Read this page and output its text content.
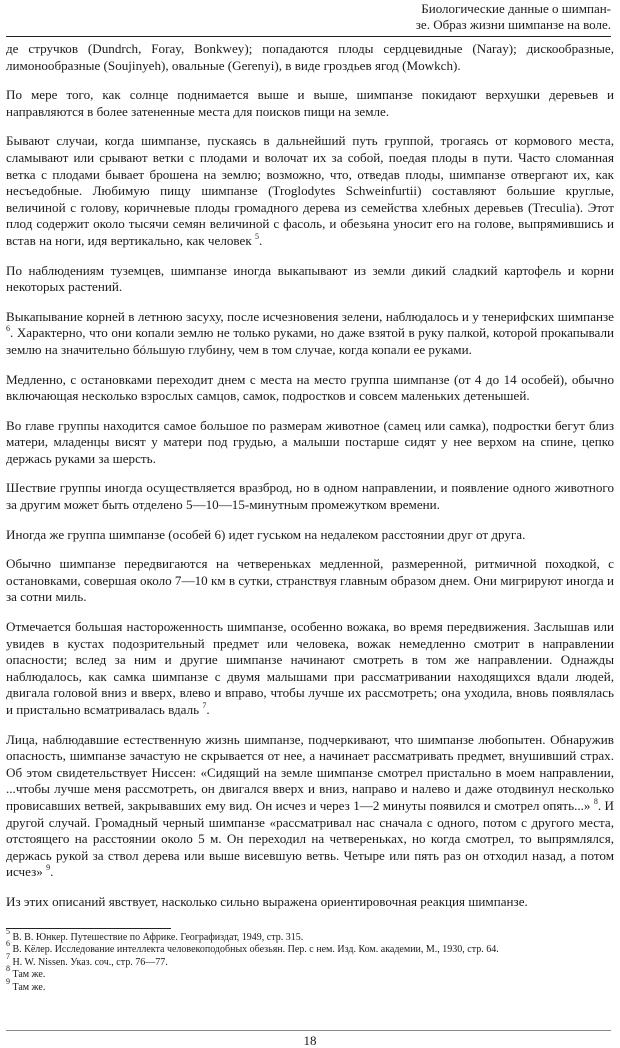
Биологические данные о шимпан-
зе. Образ жизни шимпанзе на воле.

де стручков (Dundrch, Foray, Bonkwey); попадаются плоды сердцевидные (Naray); дискообразные, лимонообразные (Soujinyeh), овальные (Gerenyi), в виде гроздьев ягод (Mowkch).

По мере того, как солнце поднимается выше и выше, шимпанзе покидают верхушки деревьев и направляются в более затененные места для поисков пищи на земле.

Бывают случаи, когда шимпанзе, пускаясь в дальнейший путь группой, трогаясь от кормового места, сламывают или срывают ветки с плодами и волочат их за собой, поедая плоды в пути. Часто сломанная ветка с плодами бывает брошена на землю; возможно, что, отведав плоды, шимпанзе отвергают их, как несъедобные. Любимую пищу шимпанзе (Troglodytes Schweinfurtii) составляют большие круглые, величиной с голову, коричневые плоды громадного дерева из семейства хлебных деревьев (Treculia). Этот плод содержит около тысячи семян величиной с фасоль, и обезьяна уносит его на голове, выпрямившись и встав на ноги, идя вертикально, как человек $^5$.

По наблюдениям туземцев, шимпанзе иногда выкапывают из земли дикий сладкий картофель и корни некоторых растений.

Выкапывание корней в летнюю засуху, после исчезновения зелени, наблюдалось и у тенерифских шимпанзе $^6$. Характерно, что они копали землю не только руками, но даже взятой в руку палкой, которой прокапывали землю на значительно бóльшую глубину, чем в том случае, когда копали ее руками.

Медленно, с остановками переходит днем с места на место группа шимпанзе (от 4 до 14 особей), обычно включающая несколько взрослых самцов, самок, подростков и совсем маленьких детенышей.

Во главе группы находится самое большое по размерам животное (самец или самка), подростки бегут близ матери, младенцы висят у матери под грудью, а малыши постарше сидят у нее верхом на спине, цепко держась руками за шерсть.

Шествие группы иногда осуществляется вразброд, но в одном направлении, и появление одного животного за другим может быть отделено 5—10—15-минутным промежутком времени.

Иногда же группа шимпанзе (особей 6) идет гуськом на недалеком расстоянии друг от друга.

Обычно шимпанзе передвигаются на четвереньках медленной, размеренной, ритмичной походкой, с остановками, совершая около 7—10 км в сутки, странствуя главным образом днем. Они мигрируют иногда и за сотни миль.

Отмечается большая настороженность шимпанзе, особенно вожака, во время передвижения. Заслышав или увидев в кустах подозрительный предмет или человека, вожак немедленно смотрит в направлении опасности; вслед за ним и другие шимпанзе начинают смотреть в том же направлении. Однажды наблюдалось, как самка шимпанзе с двумя малышами при рассматривании находящихся вдали людей, двигала головой вниз и вверх, влево и вправо, чтобы лучше их рассмотреть; она уходила, вновь появлялась и пристально всматривалась вдаль $^7$.

Лица, наблюдавшие естественную жизнь шимпанзе, подчеркивают, что шимпанзе любопытен. Обнаружив опасность, шимпанзе зачастую не скрывается от нее, а начинает рассматривать предмет, внушивший страх. Об этом свидетельствует Ниссен: «Сидящий на земле шимпанзе смотрел пристально в моем направлении, ...чтобы лучше меня рассмотреть, он двигался вверх и вниз, направо и налево и даже отодвинул несколько провисавших ветвей, закрывавших ему вид. Он исчез и через 1—2 минуты появился и смотрел опять...» $^8$. И другой случай. Громадный черный шимпанзе «рассматривал нас сначала с одного, потом с другого места, отстоящего на расстоянии около 5 м. Он переходил на четвереньках, но когда смотрел, то выпрямлялся, держась рукой за ствол дерева или выше висевшую ветвь. Четыре или пять раз он отходил назад, а потом исчез» $^9$.

Из этих описаний явствует, насколько сильно выражена ориентировочная реакция шимпанзе.

$^5$ В. В. Юнкер. Путешествие по Африке. Географиздат, 1949, стр. 315.
$^6$ В. Кёлер. Исследование интеллекта человекоподобных обезьян. Пер. с нем. Изд. Ком. академии, М., 1930, стр. 64.
$^7$ H. W. Nissen. Указ. соч., стр. 76—77.
$^8$ Там же.
$^9$ Там же.
18
